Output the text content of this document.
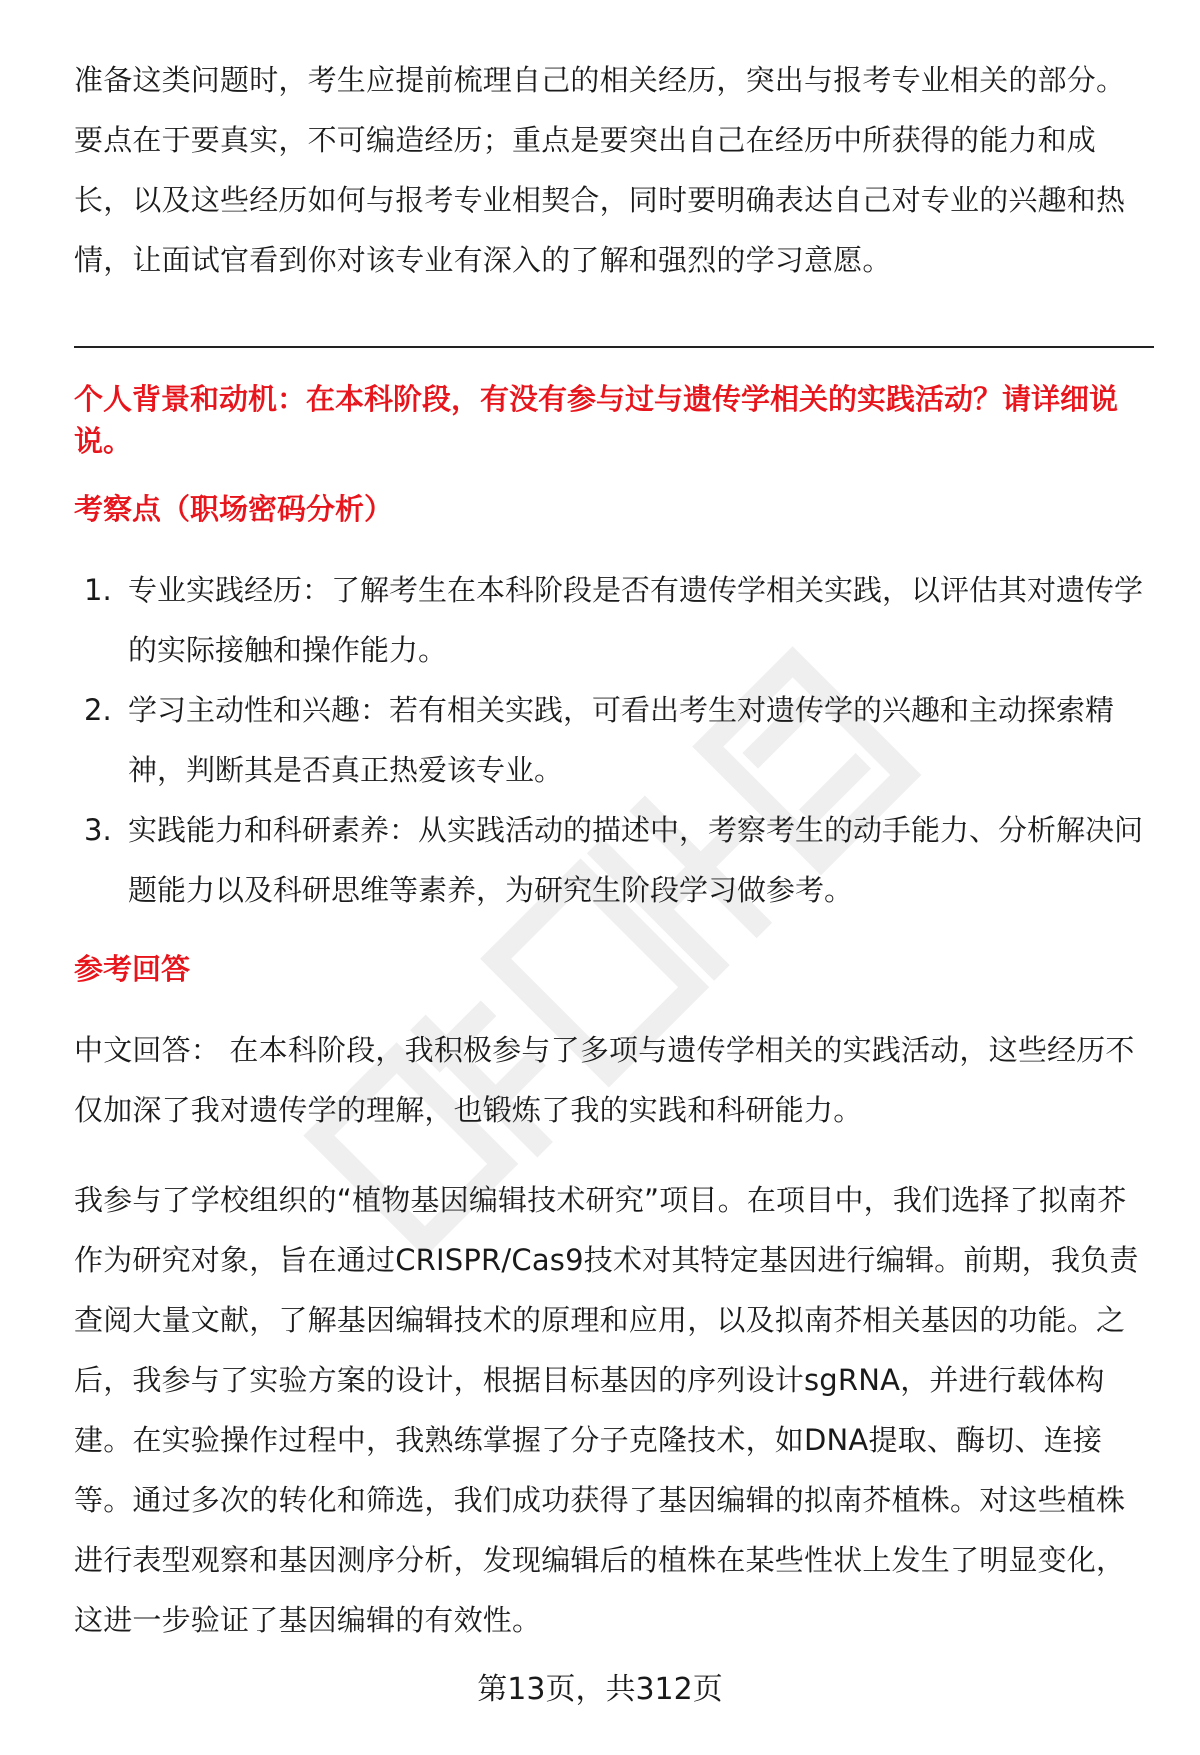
准备这类问题时，考生应提前梳理自己的相关经历，突出与报考专业相关的部分。要点在于要真实，不可编造经历；重点是要突出自己在经历中所获得的能力和成长，以及这些经历如何与报考专业相契合，同时要明确表达自己对专业的兴趣和热情，让面试官看到你对该专业有深入的了解和强烈的学习意愿。

个人背景和动机：在本科阶段，有没有参与过与遗传学相关的实践活动？请详细说说。

考察点（职场密码分析）

1. 专业实践经历：了解考生在本科阶段是否有遗传学相关实践，以评估其对遗传学的实际接触和操作能力。
2. 学习主动性和兴趣：若有相关实践，可看出考生对遗传学的兴趣和主动探索精神，判断其是否真正热爱该专业。
3. 实践能力和科研素养：从实践活动的描述中，考察考生的动手能力、分析解决问题能力以及科研思维等素养，为研究生阶段学习做参考。

参考回答

中文回答： 在本科阶段，我积极参与了多项与遗传学相关的实践活动，这些经历不仅加深了我对遗传学的理解，也锻炼了我的实践和科研能力。

我参与了学校组织的“植物基因编辑技术研究”项目。在项目中，我们选择了拟南芥作为研究对象，旨在通过CRISPR/Cas9技术对其特定基因进行编辑。前期，我负责查阅大量文献，了解基因编辑技术的原理和应用，以及拟南芥相关基因的功能。之后，我参与了实验方案的设计，根据目标基因的序列设计sgRNA，并进行载体构建。在实验操作过程中，我熟练掌握了分子克隆技术，如DNA提取、酶切、连接等。通过多次的转化和筛选，我们成功获得了基因编辑的拟南芥植株。对这些植株进行表型观察和基因测序分析，发现编辑后的植株在某些性状上发生了明显变化，这进一步验证了基因编辑的有效性。

第13页，共312页
